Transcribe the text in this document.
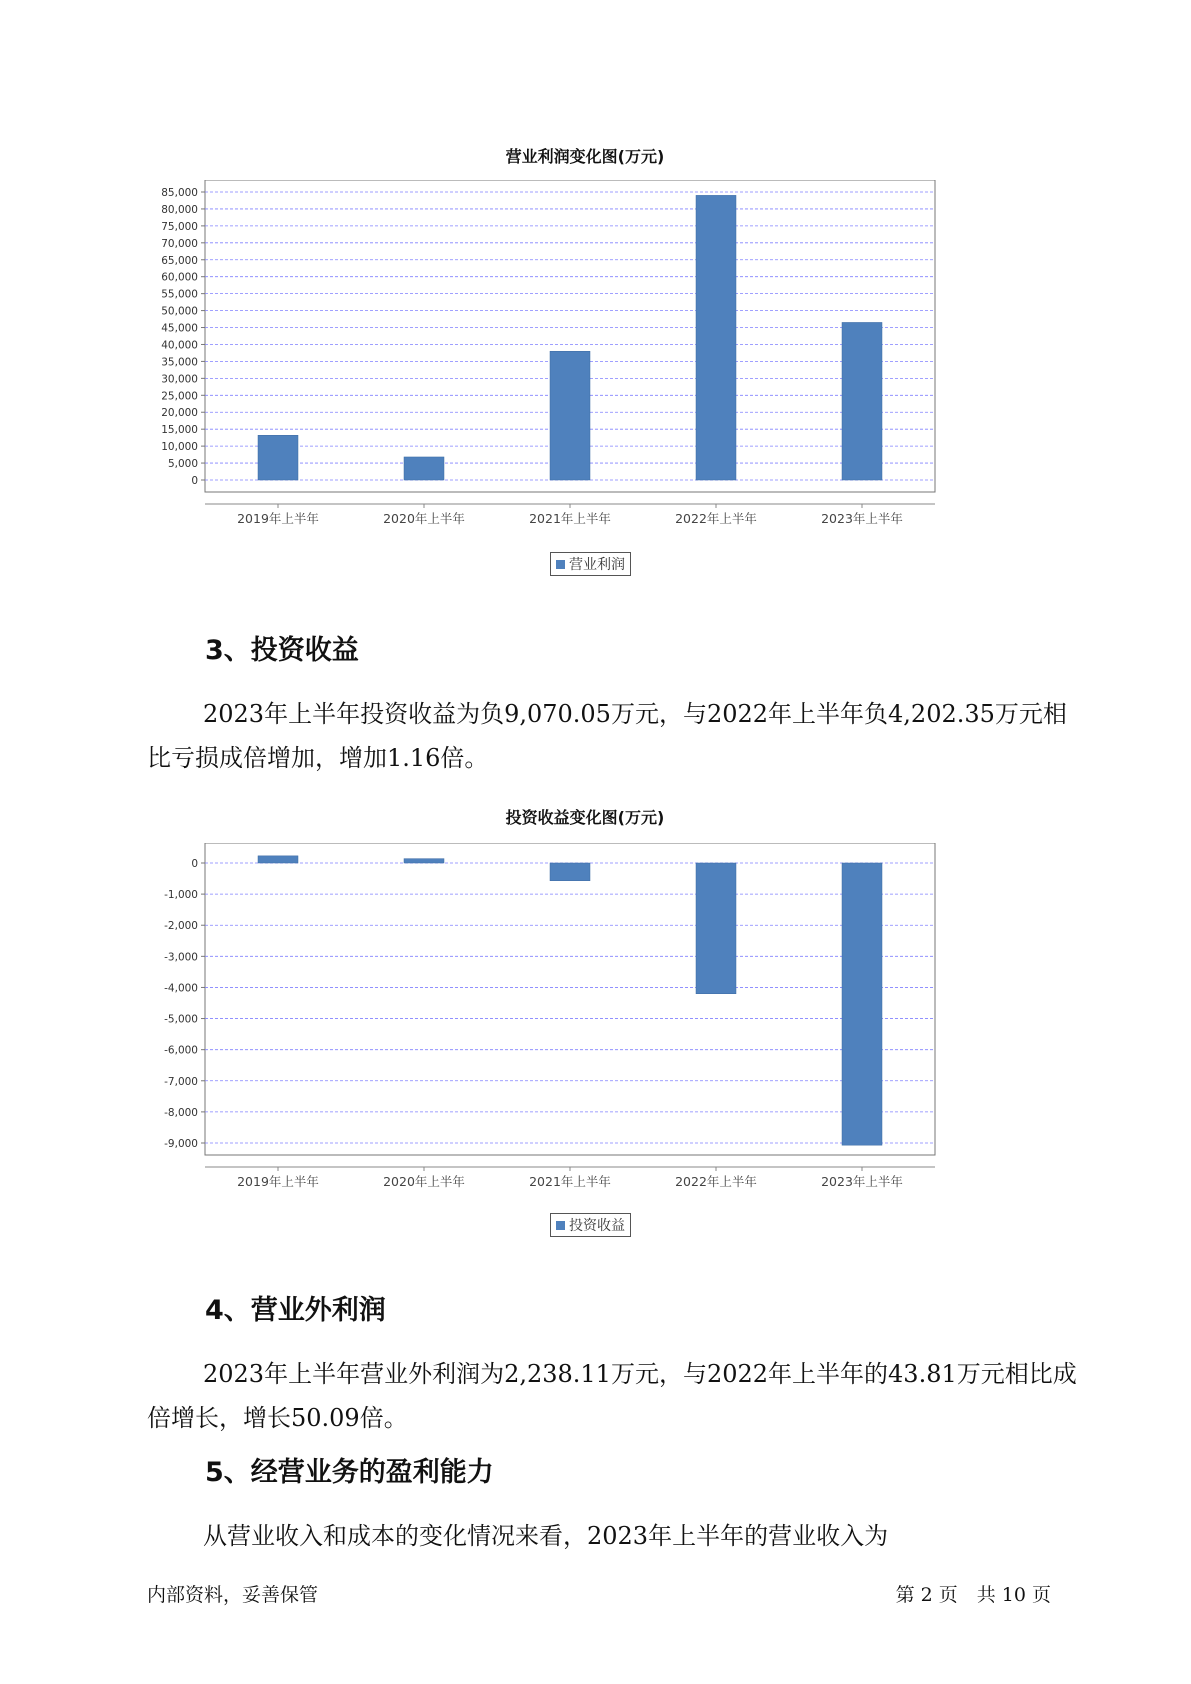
营业利润变化图(万元)
0
5,000
10,000
15,000
20,000
25,000
30,000
35,000
40,000
45,000
50,000
55,000
60,000
65,000
70,000
75,000
80,000
85,000
2019年上半年	2020年上半年	2021年上半年	2022年上半年	2023年上半年
营业利润
3、投资收益
2023年上半年投资收益为负9,070.05万元，与2022年上半年负4,202.35万元相比亏损成倍增加，增加1.16倍。
投资收益变化图(万元)
0
-1,000
-2,000
-3,000
-4,000
-5,000
-6,000
-7,000
-8,000
-9,000
2019年上半年	2020年上半年	2021年上半年	2022年上半年	2023年上半年
投资收益
4、营业外利润
2023年上半年营业外利润为2,238.11万元，与2022年上半年的43.81万元相比成倍增长，增长50.09倍。
5、经营业务的盈利能力
从营业收入和成本的变化情况来看，2023年上半年的营业收入为
内部资料，妥善保管	第 2 页　共 10 页
